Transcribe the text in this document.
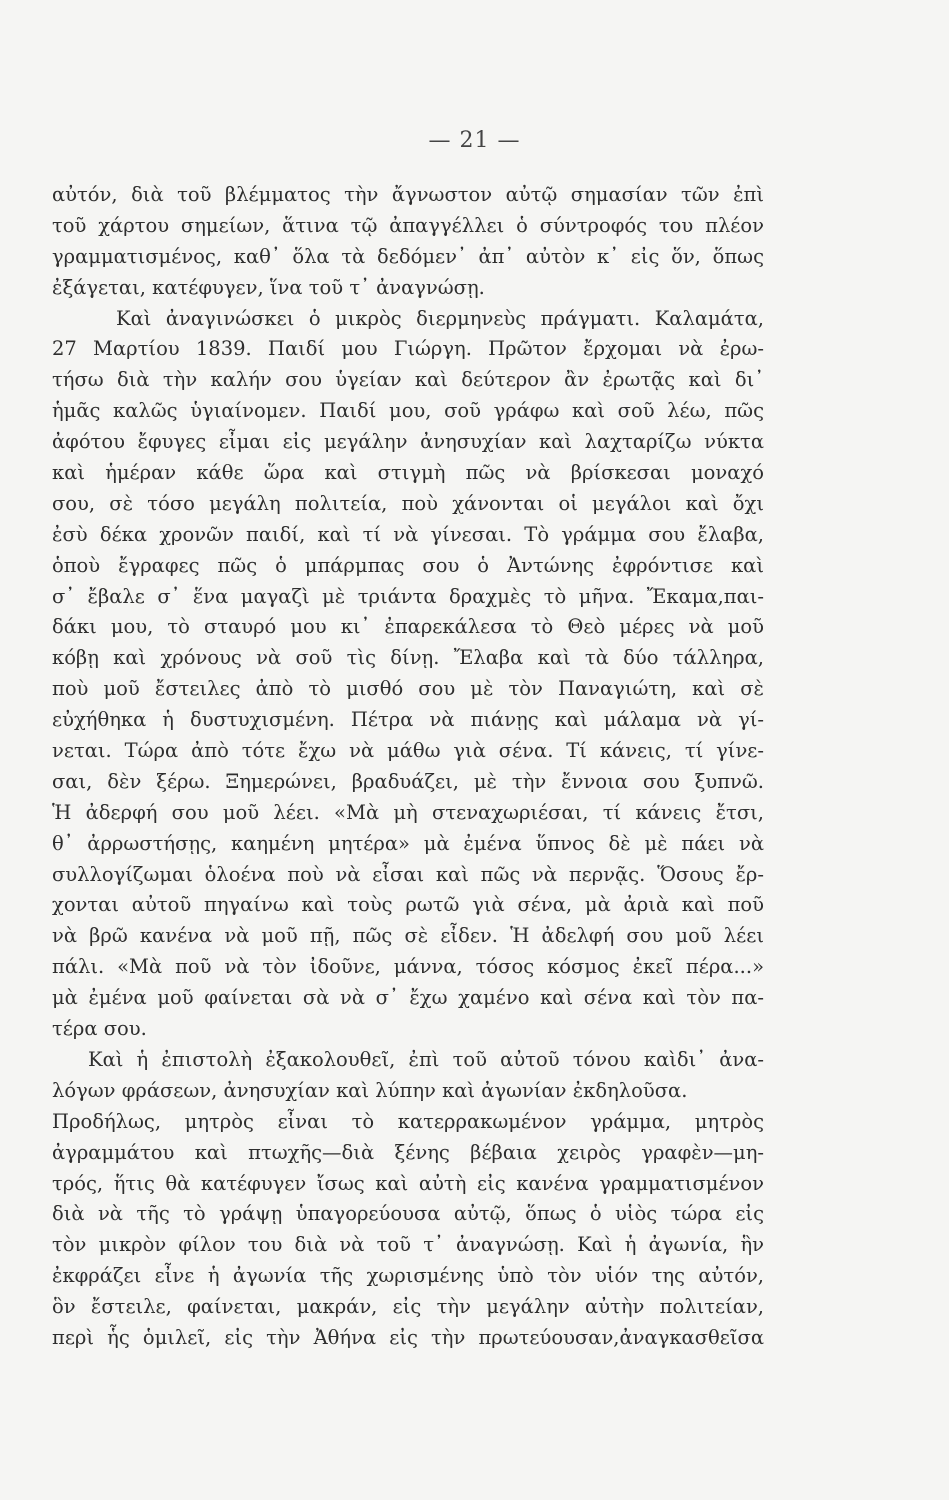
— 21 —
αὐτόν, διὰ τοῦ βλέμματος τὴν ἄγνωστον αὐτῷ σημασίαν τῶν ἐπὶ
τοῦ χάρτου σημείων, ἅτινα τῷ ἀπαγγέλλει ὁ σύντροφός του πλέον
γραμματισμένος, καθ᾽ ὅλα τὰ δεδόμεν᾽ ἀπ᾽ αὐτὸν κ᾽ εἰς ὅν, ὅπως
ἐξάγεται, κατέφυγεν, ἵνα τοῦ τ᾽ ἀναγνώσῃ.
Καὶ ἀναγινώσκει ὁ μικρὸς διερμηνεὺς πράγματι. Καλαμάτα,
27 Μαρτίου 1839. Παιδί μου Γιώργη. Πρῶτον ἔρχομαι νὰ ἐρω-
τήσω διὰ τὴν καλήν σου ὑγείαν καὶ δεύτερον ἂν ἐρωτᾷς καὶ δι᾽
ἡμᾶς καλῶς ὑγιαίνομεν. Παιδί μου, σοῦ γράφω καὶ σοῦ λέω, πῶς
ἀφότου ἔφυγες εἶμαι εἰς μεγάλην ἀνησυχίαν καὶ λαχταρίζω νύκτα
καὶ ἡμέραν κάθε ὥρα καὶ στιγμὴ πῶς νὰ βρίσκεσαι μοναχό
σου, σὲ τόσο μεγάλη πολιτεία, ποὺ χάνονται οἱ μεγάλοι καὶ ὄχι
ἐσὺ δέκα χρονῶν παιδί, καὶ τί νὰ γίνεσαι. Τὸ γράμμα σου ἔλαβα,
ὁποὺ ἔγραφες πῶς ὁ μπάρμπας σου ὁ Ἀντώνης ἐφρόντισε καὶ
σ᾽ ἔβαλε σ᾽ ἕνα μαγαζὶ μὲ τριάντα δραχμὲς τὸ μῆνα. Ἔκαμα,παι-
δάκι μου, τὸ σταυρό μου κι᾽ ἐπαρεκάλεσα τὸ Θεὸ μέρες νὰ μοῦ
κόβῃ καὶ χρόνους νὰ σοῦ τὶς δίνῃ. Ἔλαβα καὶ τὰ δύο τάλληρα,
ποὺ μοῦ ἔστειλες ἀπὸ τὸ μισθό σου μὲ τὸν Παναγιώτη, καὶ σὲ
εὐχήθηκα ἡ δυστυχισμένη. Πέτρα νὰ πιάνῃς καὶ μάλαμα νὰ γί-
νεται. Τώρα ἀπὸ τότε ἔχω νὰ μάθω γιὰ σένα. Τί κάνεις, τί γίνε-
σαι, δὲν ξέρω. Ξημερώνει, βραδυάζει, μὲ τὴν ἔννοια σου ξυπνῶ.
Ἡ ἀδερφή σου μοῦ λέει. «Μὰ μὴ στεναχωριέσαι, τί κάνεις ἔτσι,
θ᾽ ἀρρωστήσῃς, καημένη μητέρα» μὰ ἐμένα ὕπνος δὲ μὲ πάει νὰ
συλλογίζωμαι ὁλοένα ποὺ νὰ εἶσαι καὶ πῶς νὰ περνᾷς. Ὅσους ἔρ-
χονται αὐτοῦ πηγαίνω καὶ τοὺς ρωτῶ γιὰ σένα, μὰ ἀριὰ καὶ ποῦ
νὰ βρῶ κανένα νὰ μοῦ πῇ, πῶς σὲ εἶδεν. Ἡ ἀδελφή σου μοῦ λέει
πάλι. «Μὰ ποῦ νὰ τὸν ἰδοῦνε, μάννα, τόσος κόσμος ἐκεῖ πέρα...»
μὰ ἐμένα μοῦ φαίνεται σὰ νὰ σ᾽ ἔχω χαμένο καὶ σένα καὶ τὸν πα-
τέρα σου.
Καὶ ἡ ἐπιστολὴ ἐξακολουθεῖ, ἐπὶ τοῦ αὐτοῦ τόνου καὶδι᾽ ἀνα-
λόγων φράσεων, ἀνησυχίαν καὶ λύπην καὶ ἀγωνίαν ἐκδηλοῦσα.
Προδήλως, μητρὸς εἶναι τὸ κατερρακωμένον γράμμα, μητρὸς
ἀγραμμάτου καὶ πτωχῆς—διὰ ξένης βέβαια χειρὸς γραφὲν—μη-
τρός, ἥτις θὰ κατέφυγεν ἴσως καὶ αὐτὴ εἰς κανένα γραμματισμένον
διὰ νὰ τῆς τὸ γράψῃ ὑπαγορεύουσα αὐτῷ, ὅπως ὁ υἱὸς τώρα εἰς
τὸν μικρὸν φίλον του διὰ νὰ τοῦ τ᾽ ἀναγνώσῃ. Καὶ ἡ ἀγωνία, ἣν
ἐκφράζει εἶνε ἡ ἀγωνία τῆς χωρισμένης ὑπὸ τὸν υἱόν της αὐτόν,
ὃν ἔστειλε, φαίνεται, μακράν, εἰς τὴν μεγάλην αὐτὴν πολιτείαν,
περὶ ἧς ὁμιλεῖ, εἰς τὴν Ἀθήνα εἰς τὴν πρωτεύουσαν,ἀναγκασθεῖσα
